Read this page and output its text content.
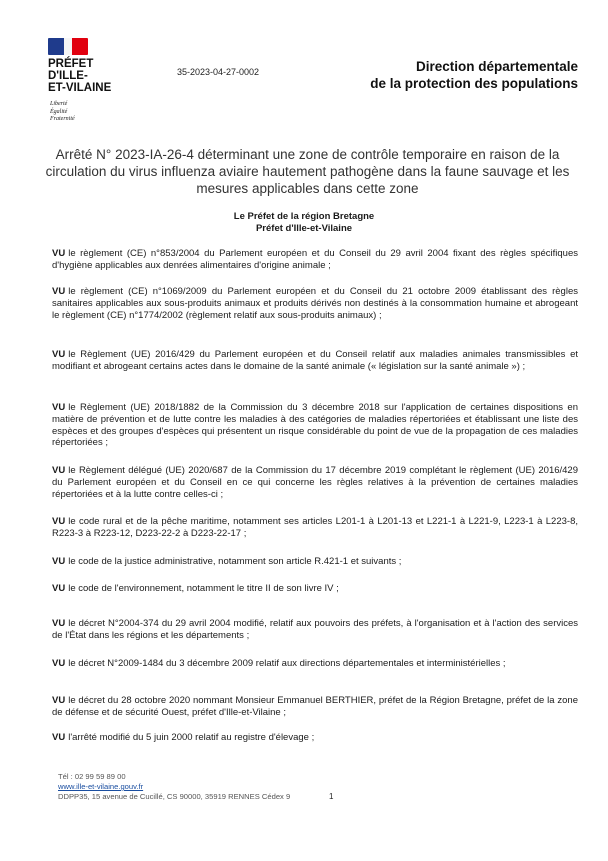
PRÉFET
D'ILLE-
ET-VILAINE
Liberté
Égalité
Fraternité
35-2023-04-27-0002	Direction départementale
de la protection des populations
Arrêté N° 2023-IA-26-4 déterminant une zone de contrôle temporaire en raison de la circulation du virus influenza aviaire hautement pathogène dans la faune sauvage et les mesures applicables dans cette zone
Le Préfet de la région Bretagne
Préfet d'Ille-et-Vilaine
VU le règlement (CE) n°853/2004 du Parlement européen et du Conseil du 29 avril 2004 fixant des règles spécifiques d'hygiène applicables aux denrées alimentaires d'origine animale ;
VU le règlement (CE) n°1069/2009 du Parlement européen et du Conseil du 21 octobre 2009 établissant des règles sanitaires applicables aux sous-produits animaux et produits dérivés non destinés à la consommation humaine et abrogeant le règlement (CE) n°1774/2002 (règlement relatif aux sous-produits animaux) ;
VU le Règlement (UE) 2016/429 du Parlement européen et du Conseil relatif aux maladies animales transmissibles et modifiant et abrogeant certains actes dans le domaine de la santé animale (« législation sur la santé animale ») ;
VU le Règlement (UE) 2018/1882 de la Commission du 3 décembre 2018 sur l'application de certaines dispositions en matière de prévention et de lutte contre les maladies à des catégories de maladies répertoriées et établissant une liste des espèces et des groupes d'espèces qui présentent un risque considérable du point de vue de la propagation de ces maladies répertoriées ;
VU le Règlement délégué (UE) 2020/687 de la Commission du 17 décembre 2019 complétant le règlement (UE) 2016/429 du Parlement européen et du Conseil en ce qui concerne les règles relatives à la prévention de certaines maladies répertoriées et à la lutte contre celles-ci ;
VU le code rural et de la pêche maritime, notamment ses articles L201-1 à L201-13 et L221-1 à L221-9, L223-1 à L223-8, R223-3 à R223-12, D223-22-2 à D223-22-17 ;
VU le code de la justice administrative, notamment son article R.421-1 et suivants ;
VU le code de l'environnement, notamment le titre II de son livre IV ;
VU le décret N°2004-374 du 29 avril 2004 modifié, relatif aux pouvoirs des préfets, à l'organisation et à l'action des services de l'État dans les régions et les départements ;
VU le décret N°2009-1484 du 3 décembre 2009 relatif aux directions départementales et interministérielles ;
VU le décret du 28 octobre 2020 nommant Monsieur Emmanuel BERTHIER, préfet de la Région Bretagne, préfet de la zone de défense et de sécurité Ouest, préfet d'Ille-et-Vilaine ;
VU l'arrêté modifié du 5 juin 2000 relatif au registre d'élevage ;
Tél : 02 99 59 89 00
www.ille-et-vilaine.gouv.fr
DDPP35, 15 avenue de Cucillé, CS 90000, 35919 RENNES Cédex 9	1
